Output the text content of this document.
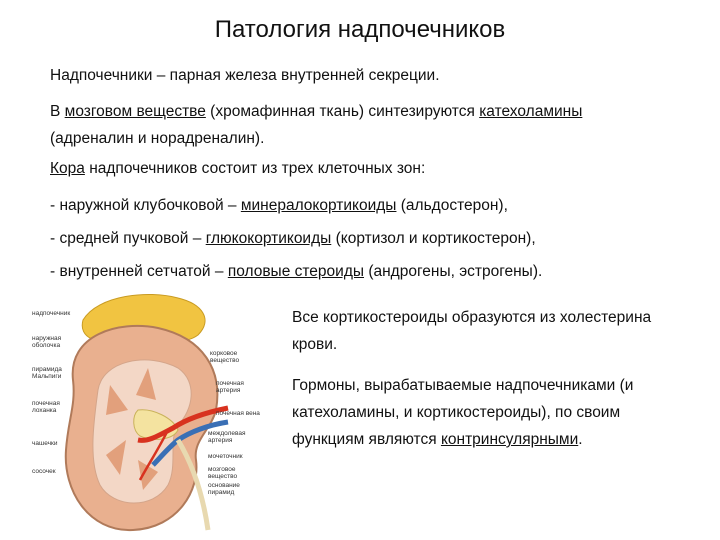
Патология надпочечников
Надпочечники – парная железа внутренней секреции.
В мозговом веществе (хромафинная ткань) синтезируются катехоламины
(адреналин и норадреналин).
Кора надпочечников состоит из трех клеточных зон:
- наружной клубочковой – минералокортикоиды (альдостерон),
- средней пучковой – глюкокортикоиды (кортизол и кортикостерон),
- внутренней сетчатой – половые стероиды (андрогены, эстрогены).
Все кортикостероиды образуются из холестерина крови.
Гормоны, вырабатываемые надпочечниками (и катехоламины, и кортикостероиды), по своим функциям являются контринсулярными.
надпочечник
наружная оболочка
пирамида Мальпиги
почечная лоханка
чашечки
сосочек
корковое вещество
почечная артерия
почечная вена
междолевая артерия
мочеточник
мозговое вещество
основание пирамид
